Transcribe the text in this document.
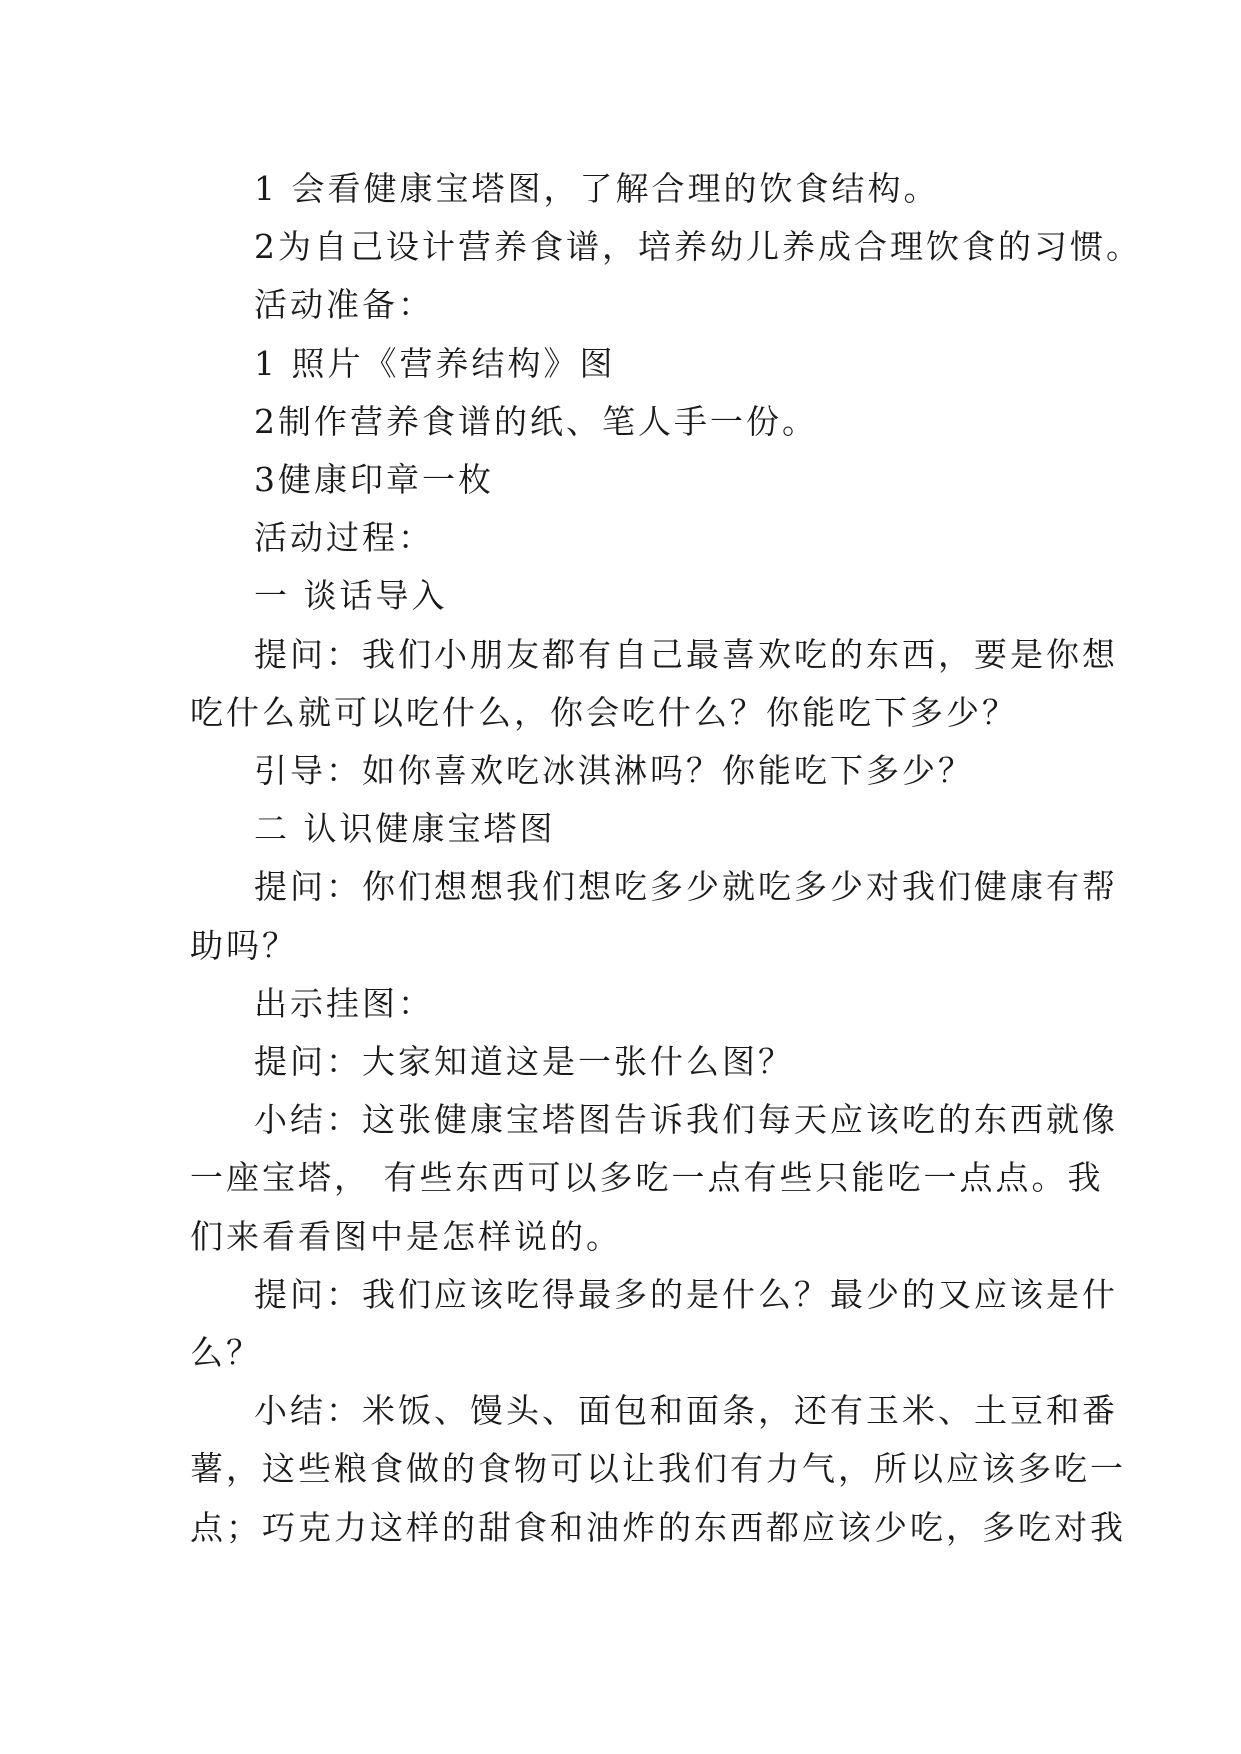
1 会看健康宝塔图，了解合理的饮食结构。

2为自己设计营养食谱，培养幼儿养成合理饮食的习惯。

活动准备：

1 照片《营养结构》图

2制作营养食谱的纸、笔人手一份。

3健康印章一枚

活动过程：

一 谈话导入

提问：我们小朋友都有自己最喜欢吃的东西，要是你想

吃什么就可以吃什么，你会吃什么？你能吃下多少？

引导：如你喜欢吃冰淇淋吗？你能吃下多少？

二 认识健康宝塔图

提问：你们想想我们想吃多少就吃多少对我们健康有帮

助吗？

出示挂图：

提问：大家知道这是一张什么图？

小结：这张健康宝塔图告诉我们每天应该吃的东西就像

一座宝塔， 有些东西可以多吃一点有些只能吃一点点。我

们来看看图中是怎样说的。

提问：我们应该吃得最多的是什么？最少的又应该是什

么？

小结：米饭、馒头、面包和面条，还有玉米、土豆和番

薯，这些粮食做的食物可以让我们有力气，所以应该多吃一

点；巧克力这样的甜食和油炸的东西都应该少吃，多吃对我
